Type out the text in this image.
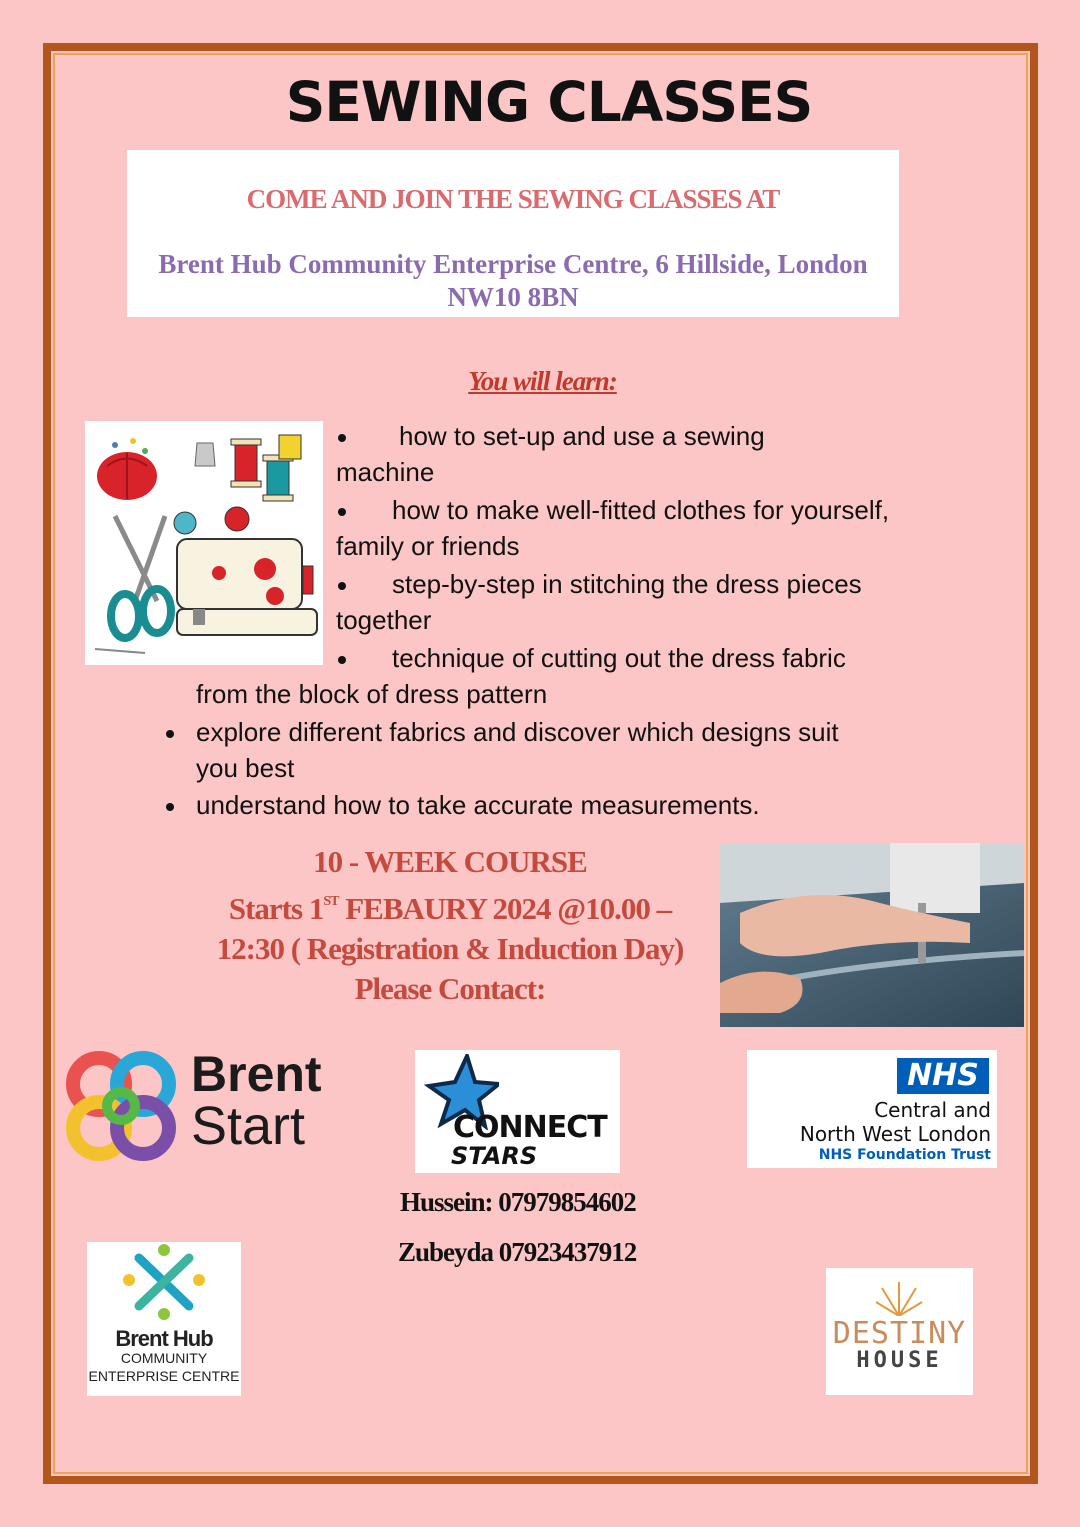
SEWING CLASSES
COME AND JOIN THE SEWING CLASSES AT
Brent Hub Community Enterprise Centre, 6 Hillside, London
NW10 8BN
You will learn:
how to set-up and use a sewing
machine
how to make well-fitted clothes for yourself,
family or friends
step-by-step in stitching the dress pieces
together
technique of cutting out the dress fabric
from the block of dress pattern
explore different fabrics and discover which designs suit
you best
understand how to take accurate measurements.
10 - WEEK COURSE
Starts 1ST FEBAURY 2024 @10.00 –
12:30 ( Registration & Induction Day)
Please Contact:
Brent
Start	CONNECT
STARS
NHS
Central and
North West London
NHS Foundation Trust
Hussein: 07979854602
Zubeyda 07923437912
Brent Hub
COMMUNITY
ENTERPRISE CENTRE
DESTINY
HOUSE
